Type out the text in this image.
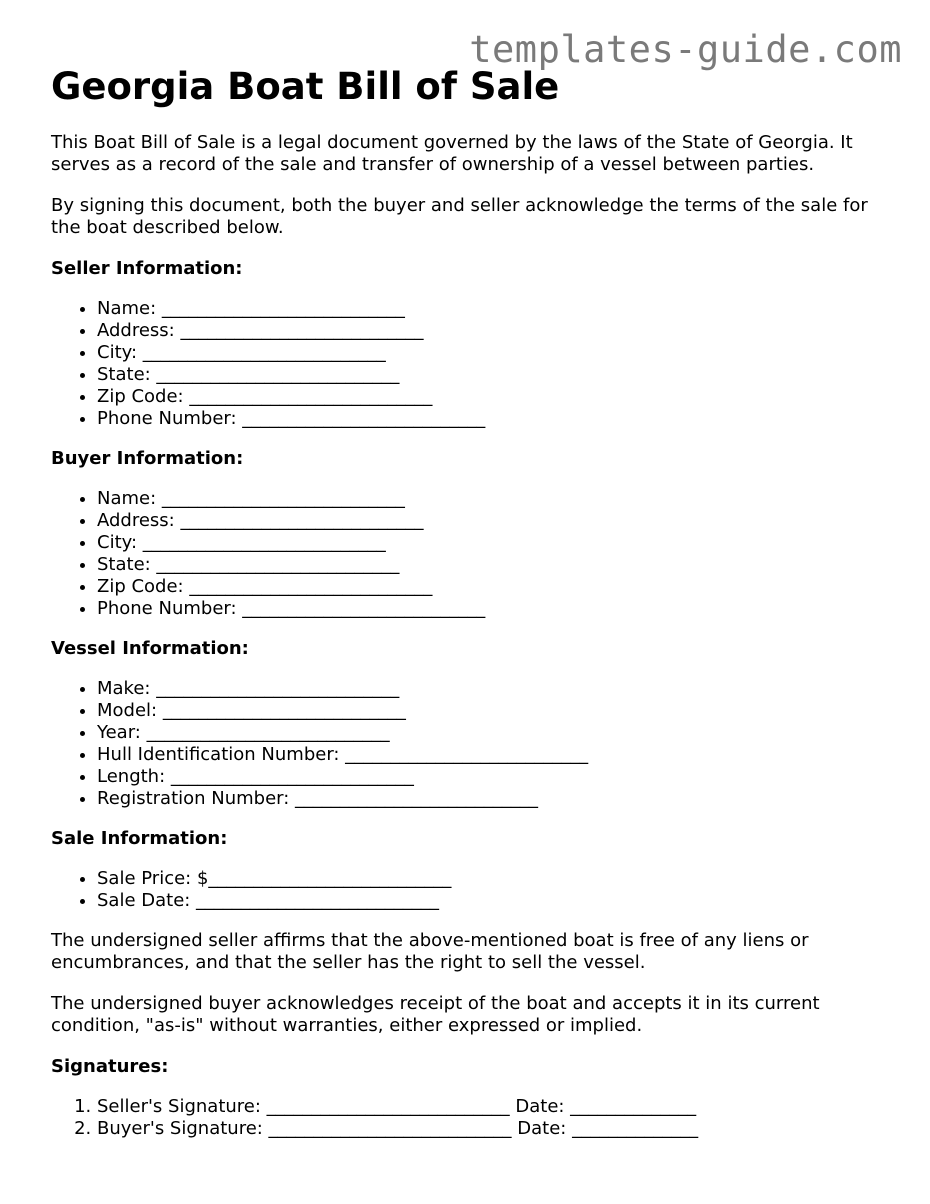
templates-guide.com
Georgia Boat Bill of Sale

This Boat Bill of Sale is a legal document governed by the laws of the State of Georgia. It serves as a record of the sale and transfer of ownership of a vessel between parties.

By signing this document, both the buyer and seller acknowledge the terms of the sale for the boat described below.

Seller Information:
• Name: ___________________________
• Address: ___________________________
• City: ___________________________
• State: ___________________________
• Zip Code: ___________________________
• Phone Number: ___________________________
Buyer Information:
• Name: ___________________________
• Address: ___________________________
• City: ___________________________
• State: ___________________________
• Zip Code: ___________________________
• Phone Number: ___________________________
Vessel Information:
• Make: ___________________________
• Model: ___________________________
• Year: ___________________________
• Hull Identification Number: ___________________________
• Length: ___________________________
• Registration Number: ___________________________
Sale Information:
• Sale Price: $___________________________
• Sale Date: ___________________________

The undersigned seller affirms that the above-mentioned boat is free of any liens or encumbrances, and that the seller has the right to sell the vessel.

The undersigned buyer acknowledges receipt of the boat and accepts it in its current condition, "as-is" without warranties, either expressed or implied.

Signatures:
1. Seller's Signature: ___________________________ Date: ______________
2. Buyer's Signature: ___________________________ Date: ______________
